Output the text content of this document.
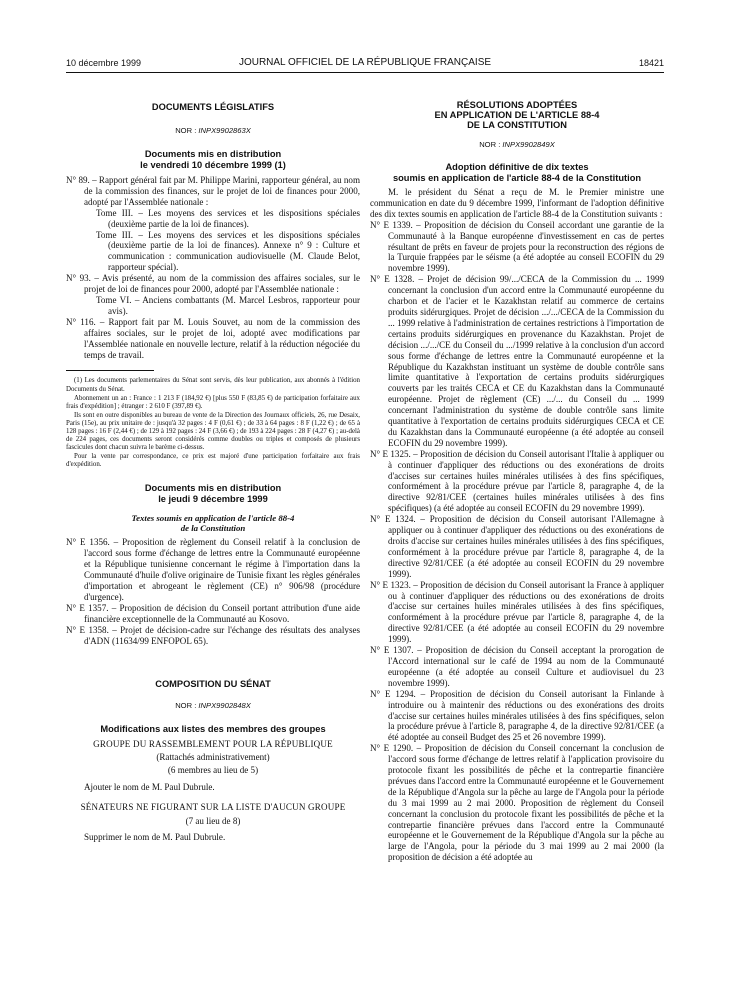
10 décembre 1999	JOURNAL OFFICIEL DE LA RÉPUBLIQUE FRANÇAISE	18421

DOCUMENTS LÉGISLATIFS

NOR : INPX9902863X

Documents mis en distribution

le vendredi 10 décembre 1999 (1)

N° 89. – Rapport général fait par M. Philippe Marini, rapporteur général, au nom de la commission des finances, sur le projet de loi de finances pour 2000, adopté par l'Assemblée nationale :

Tome III. – Les moyens des services et les dispositions spéciales (deuxième partie de la loi de finances).

Tome III. – Les moyens des services et les dispositions spéciales (deuxième partie de la loi de finances). Annexe n° 9 : Culture et communication : communication audiovisuelle (M. Claude Belot, rapporteur spécial).

N° 93. – Avis présenté, au nom de la commission des affaires sociales, sur le projet de loi de finances pour 2000, adopté par l'Assemblée nationale :

Tome VI. – Anciens combattants (M. Marcel Lesbros, rapporteur pour avis).

N° 116. – Rapport fait par M. Louis Souvet, au nom de la commission des affaires sociales, sur le projet de loi, adopté avec modifications par l'Assemblée nationale en nouvelle lecture, relatif à la réduction négociée du temps de travail.

(1) Les documents parlementaires du Sénat sont servis, dès leur publication, aux abonnés à l'édition Documents du Sénat.

Abonnement un an : France : 1 213 F (184,92 €) [plus 550 F (83,85 €) de participation forfaitaire aux frais d'expédition] ; étranger : 2 610 F (397,89 €).

Ils sont en outre disponibles au bureau de vente de la Direction des Journaux officiels, 26, rue Desaix, Paris (15e), au prix unitaire de : jusqu'à 32 pages : 4 F (0,61 €) ; de 33 à 64 pages : 8 F (1,22 €) ; de 65 à 128 pages : 16 F (2,44 €) ; de 129 à 192 pages : 24 F (3,66 €) ; de 193 à 224 pages : 28 F (4,27 €) ; au-delà de 224 pages, ces documents seront considérés comme doubles ou triples et composés de plusieurs fascicules dont chacun suivra le barème ci-dessus.

Pour la vente par correspondance, ce prix est majoré d'une participation forfaitaire aux frais d'expédition.

Documents mis en distribution

le jeudi 9 décembre 1999

Textes soumis en application de l'article 88-4

de la Constitution

N° E 1356. – Proposition de règlement du Conseil relatif à la conclusion de l'accord sous forme d'échange de lettres entre la Communauté européenne et la République tunisienne concernant le régime à l'importation dans la Communauté d'huile d'olive originaire de Tunisie fixant les règles générales d'importation et abrogeant le règlement (CE) n° 906/98 (procédure d'urgence).

N° E 1357. – Proposition de décision du Conseil portant attribution d'une aide financière exceptionnelle de la Communauté au Kosovo.

N° E 1358. – Projet de décision-cadre sur l'échange des résultats des analyses d'ADN (11634/99 ENFOPOL 65).

COMPOSITION DU SÉNAT

NOR : INPX9902848X

Modifications aux listes des membres des groupes

GROUPE DU RASSEMBLEMENT POUR LA RÉPUBLIQUE

(Rattachés administrativement)

(6 membres au lieu de 5)

Ajouter le nom de M. Paul Dubrule.

SÉNATEURS NE FIGURANT SUR LA LISTE D'AUCUN GROUPE

(7 au lieu de 8)

Supprimer le nom de M. Paul Dubrule.

RÉSOLUTIONS ADOPTÉES

EN APPLICATION DE L'ARTICLE 88-4

DE LA CONSTITUTION

NOR : INPX9902849X

Adoption définitive de dix textes

soumis en application de l'article 88-4 de la Constitution

M. le président du Sénat a reçu de M. le Premier ministre une communication en date du 9 décembre 1999, l'informant de l'adoption définitive des dix textes soumis en application de l'article 88-4 de la Constitution suivants :

N° E 1339. – Proposition de décision du Conseil accordant une garantie de la Communauté à la Banque européenne d'investissement en cas de pertes résultant de prêts en faveur de projets pour la reconstruction des régions de la Turquie frappées par le séisme (a été adoptée au conseil ECOFIN du 29 novembre 1999).

N° E 1328. – Projet de décision 99/.../CECA de la Commission du ... 1999 concernant la conclusion d'un accord entre la Communauté européenne du charbon et de l'acier et le Kazakhstan relatif au commerce de certains produits sidérurgiques. Projet de décision .../.../CECA de la Commission du ... 1999 relative à l'administration de certaines restrictions à l'importation de certains produits sidérurgiques en provenance du Kazakhstan. Projet de décision .../.../CE du Conseil du .../1999 relative à la conclusion d'un accord sous forme d'échange de lettres entre la Communauté européenne et la République du Kazakhstan instituant un système de double contrôle sans limite quantitative à l'exportation de certains produits sidérurgiques couverts par les traités CECA et CE du Kazakhstan dans la Communauté européenne. Projet de règlement (CE) .../... du Conseil du ... 1999 concernant l'administration du système de double contrôle sans limite quantitative à l'exportation de certains produits sidérurgiques CECA et CE du Kazakhstan dans la Communauté européenne (a été adoptée au conseil ECOFIN du 29 novembre 1999).

N° E 1325. – Proposition de décision du Conseil autorisant l'Italie à appliquer ou à continuer d'appliquer des réductions ou des exonérations de droits d'accises sur certaines huiles minérales utilisées à des fins spécifiques, conformément à la procédure prévue par l'article 8, paragraphe 4, de la directive 92/81/CEE (certaines huiles minérales utilisées à des fins spécifiques) (a été adoptée au conseil ECOFIN du 29 novembre 1999).

N° E 1324. – Proposition de décision du Conseil autorisant l'Allemagne à appliquer ou à continuer d'appliquer des réductions ou des exonérations de droits d'accise sur certaines huiles minérales utilisées à des fins spécifiques, conformément à la procédure prévue par l'article 8, paragraphe 4, de la directive 92/81/CEE (a été adoptée au conseil ECOFIN du 29 novembre 1999).

N° E 1323. – Proposition de décision du Conseil autorisant la France à appliquer ou à continuer d'appliquer des réductions ou des exonérations de droits d'accise sur certaines huiles minérales utilisées à des fins spécifiques, conformément à la procédure prévue par l'article 8, paragraphe 4, de la directive 92/81/CEE (a été adoptée au conseil ECOFIN du 29 novembre 1999).

N° E 1307. – Proposition de décision du Conseil acceptant la prorogation de l'Accord international sur le café de 1994 au nom de la Communauté européenne (a été adoptée au conseil Culture et audiovisuel du 23 novembre 1999).

N° E 1294. – Proposition de décision du Conseil autorisant la Finlande à introduire ou à maintenir des réductions ou des exonérations des droits d'accise sur certaines huiles minérales utilisées à des fins spécifiques, selon la procédure prévue à l'article 8, paragraphe 4, de la directive 92/81/CEE (a été adoptée au conseil Budget des 25 et 26 novembre 1999).

N° E 1290. – Proposition de décision du Conseil concernant la conclusion de l'accord sous forme d'échange de lettres relatif à l'application provisoire du protocole fixant les possibilités de pêche et la contrepartie financière prévues dans l'accord entre la Communauté européenne et le Gouvernement de la République d'Angola sur la pêche au large de l'Angola pour la période du 3 mai 1999 au 2 mai 2000. Proposition de règlement du Conseil concernant la conclusion du protocole fixant les possibilités de pêche et la contrepartie financière prévues dans l'accord entre la Communauté européenne et le Gouvernement de la République d'Angola sur la pêche au large de l'Angola, pour la période du 3 mai 1999 au 2 mai 2000 (la proposition de décision a été adoptée au
